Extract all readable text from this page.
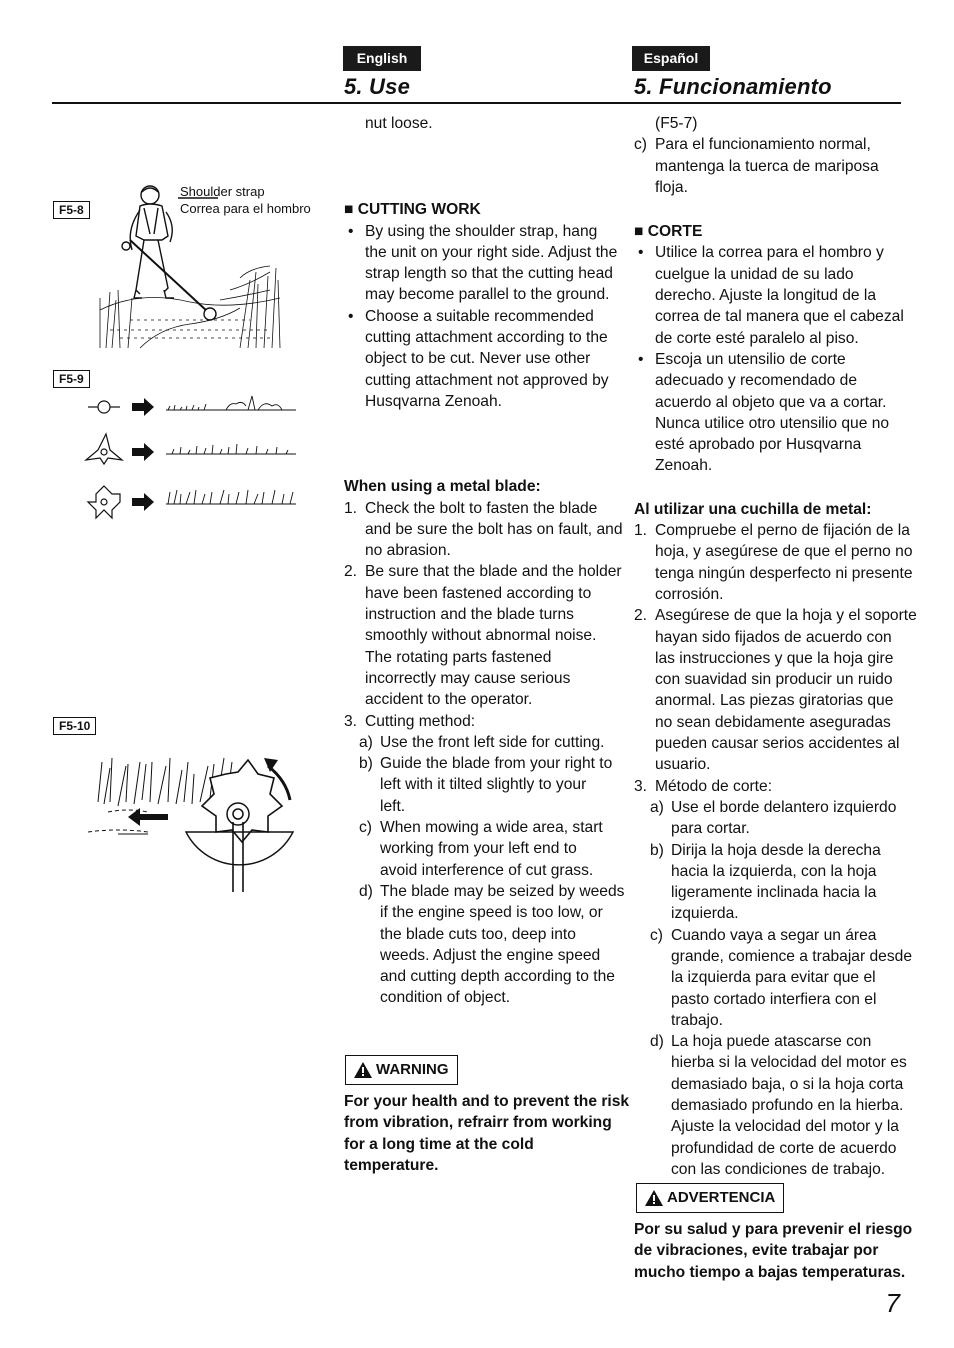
English	Español
5. Use	5. Funcionamiento
F5-8
F5-9
F5-10
Shoulder strap
Correa para el hombro
nut loose.
■ CUTTING WORK
• By using the shoulder strap, hang
the unit on your right side. Adjust the
strap length so that the cutting head
may become parallel to the ground.
• Choose a suitable recommended
cutting attachment according to the
object to be cut. Never use other
cutting attachment not approved by
Husqvarna Zenoah.
When using a metal blade:
1. Check the bolt to fasten the blade
and be sure the bolt has on fault, and
no abrasion.
2. Be sure that the blade and the holder
have been fastened according to
instruction and the blade turns
smoothly without abnormal noise.
The rotating parts fastened
incorrectly may cause serious
accident to the operator.
3. Cutting method:
a) Use the front left side for cutting.
b) Guide the blade from your right to
left with it tilted slightly to your
left.
c) When mowing a wide area, start
working from your left end to
avoid interference of cut grass.
d) The blade may be seized by weeds
if the engine speed is too low, or
the blade cuts too, deep into
weeds. Adjust the engine speed
and cutting depth according to the
condition of object.
WARNING
For your health and to prevent the risk
from vibration, refrairr from working
for a long time at the cold
temperature.
(F5-7)
c) Para el funcionamiento normal,
mantenga la tuerca de mariposa
floja.
■ CORTE
• Utilice la correa para el hombro y
cuelgue la unidad de su lado
derecho. Ajuste la longitud de la
correa de tal manera que el cabezal
de corte esté paralelo al piso.
• Escoja un utensilio de corte
adecuado y recomendado de
acuerdo al objeto que va a cortar.
Nunca utilice otro utensilio que no
esté aprobado por Husqvarna
Zenoah.
Al utilizar una cuchilla de metal:
1. Compruebe el perno de fijación de la
hoja, y asegúrese de que el perno no
tenga ningún desperfecto ni presente
corrosión.
2. Asegúrese de que la hoja y el soporte
hayan sido fijados de acuerdo con
las instrucciones y que la hoja gire
con suavidad sin producir un ruido
anormal. Las piezas giratorias que
no sean debidamente aseguradas
pueden causar serios accidentes al
usuario.
3. Método de corte:
a) Use el borde delantero izquierdo
para cortar.
b) Dirija la hoja desde la derecha
hacia la izquierda, con la hoja
ligeramente inclinada hacia la
izquierda.
c) Cuando vaya a segar un área
grande, comience a trabajar desde
la izquierda para evitar que el
pasto cortado interfiera con el
trabajo.
d) La hoja puede atascarse con
hierba si la velocidad del motor es
demasiado baja, o si la hoja corta
demasiado profundo en la hierba.
Ajuste la velocidad del motor y la
profundidad de corte de acuerdo
con las condiciones de trabajo.
ADVERTENCIA
Por su salud y para prevenir el riesgo
de vibraciones, evite trabajar por
mucho tiempo a bajas temperaturas.
7
